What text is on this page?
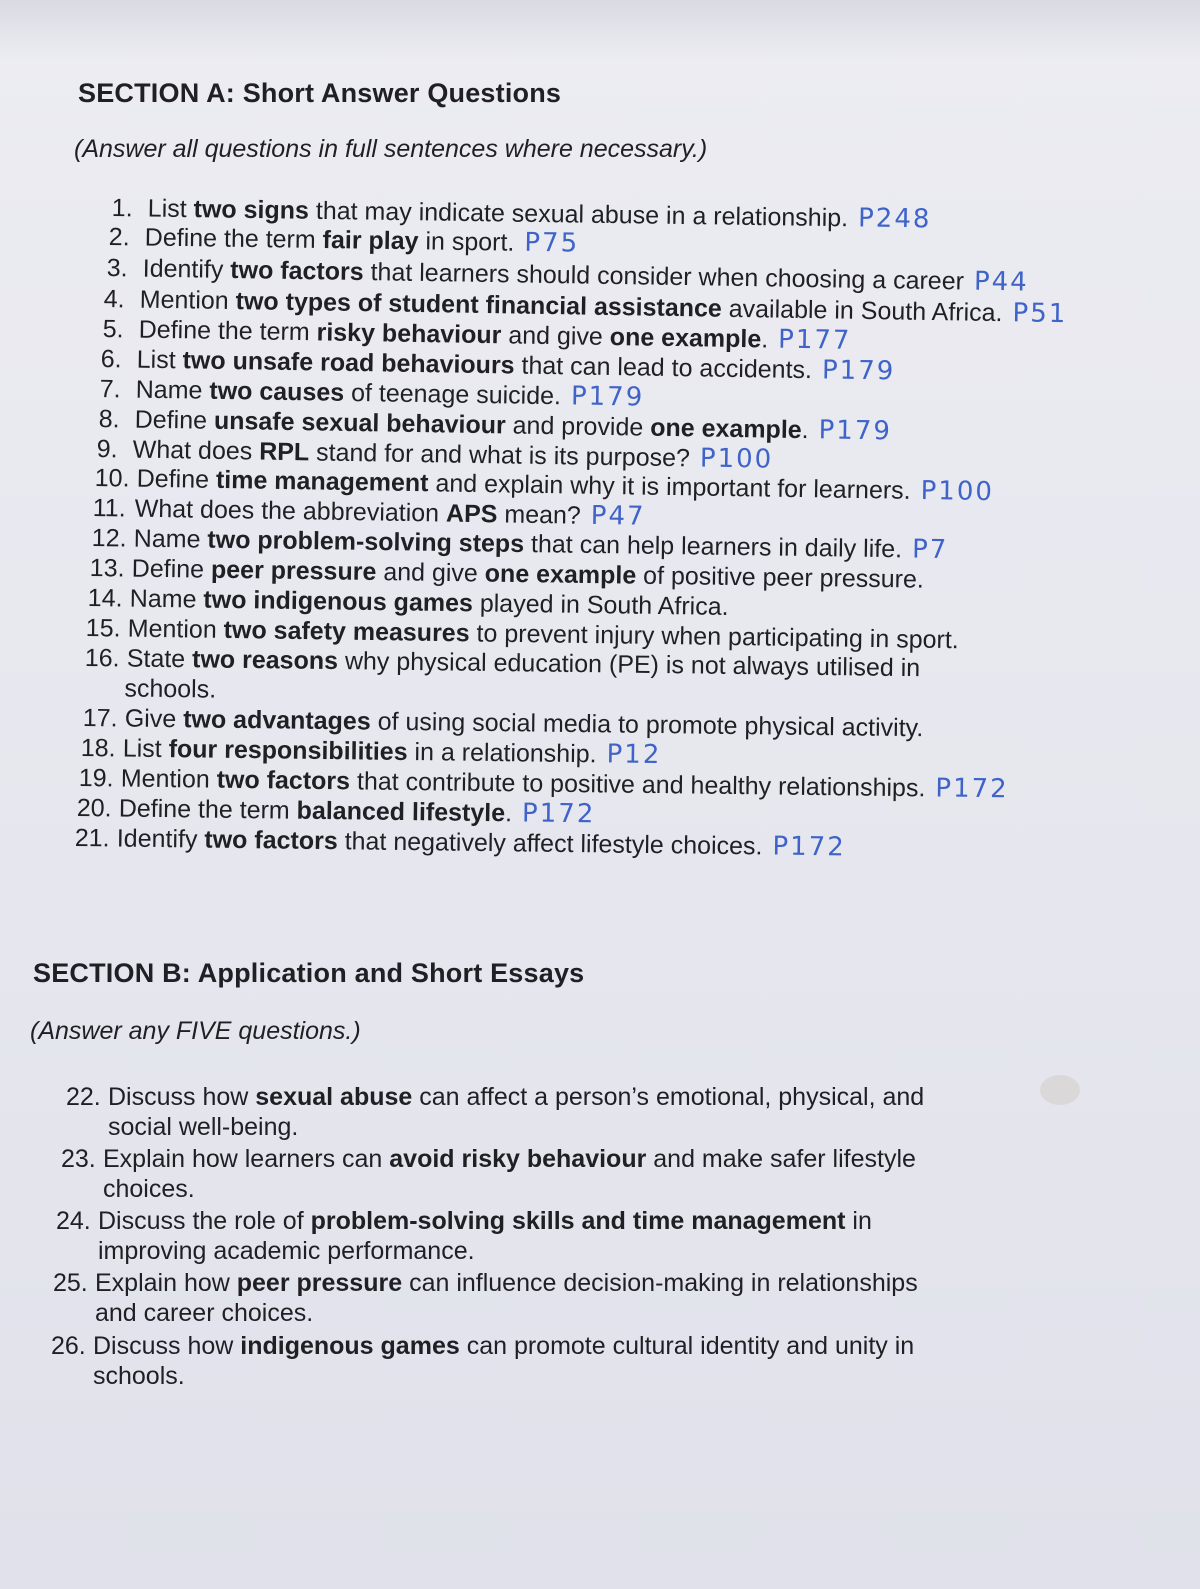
SECTION A: Short Answer Questions

(Answer all questions in full sentences where necessary.)

1. List two signs that may indicate sexual abuse in a relationship. P248
2. Define the term fair play in sport. P75
3. Identify two factors that learners should consider when choosing a career P44
4. Mention two types of student financial assistance available in South Africa. P51
5. Define the term risky behaviour and give one example. P177
6. List two unsafe road behaviours that can lead to accidents. P179
7. Name two causes of teenage suicide. P179
8. Define unsafe sexual behaviour and provide one example. P179
9. What does RPL stand for and what is its purpose? P100
10. Define time management and explain why it is important for learners. P100
11. What does the abbreviation APS mean? P47
12. Name two problem-solving steps that can help learners in daily life. P7
13. Define peer pressure and give one example of positive peer pressure.
14. Name two indigenous games played in South Africa.
15. Mention two safety measures to prevent injury when participating in sport.
16. State two reasons why physical education (PE) is not always utilised in
schools.
17. Give two advantages of using social media to promote physical activity.
18. List four responsibilities in a relationship. P12
19. Mention two factors that contribute to positive and healthy relationships. P172
20. Define the term balanced lifestyle. P172
21. Identify two factors that negatively affect lifestyle choices. P172
SECTION B: Application and Short Essays

(Answer any FIVE questions.)

22. Discuss how sexual abuse can affect a person’s emotional, physical, and
social well-being.
23. Explain how learners can avoid risky behaviour and make safer lifestyle
choices.
24. Discuss the role of problem-solving skills and time management in
improving academic performance.
25. Explain how peer pressure can influence decision-making in relationships
and career choices.
26. Discuss how indigenous games can promote cultural identity and unity in
schools.
